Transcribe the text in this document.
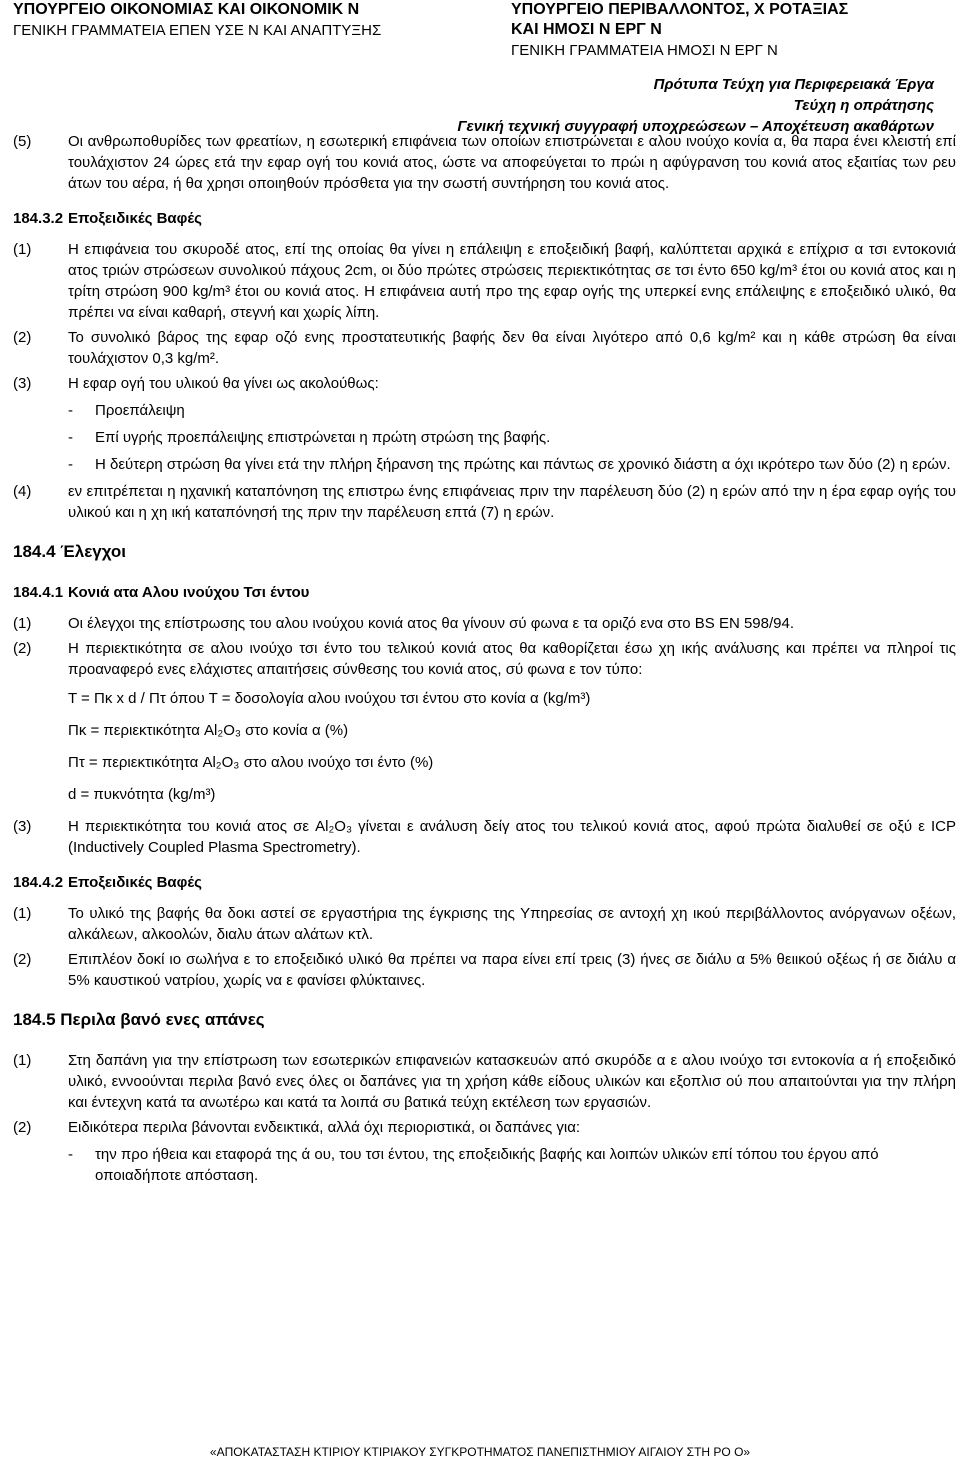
ΥΠΟΥΡΓΕΙΟ ΟΙΚΟΝΟΜΙΑΣ ΚΑΙ ΟΙΚΟΝΟΜΙΚ Ν
ΓΕΝΙΚΗ ΓΡΑΜΜΑΤΕΙΑ ΕΠΕΝ ΥΣΕ Ν ΚΑΙ ΑΝΑΠΤΥΞΗΣ
ΥΠΟΥΡΓΕΙΟ ΠΕΡΙΒΑΛΛΟΝΤΟΣ, Χ ΡΟΤΑΞΙΑΣ
ΚΑΙ ΗΜΟΣΙ Ν ΕΡΓ Ν
ΓΕΝΙΚΗ ΓΡΑΜΜΑΤΕΙΑ ΗΜΟΣΙ Ν ΕΡΓ Ν
Πρότυπα Τεύχη για Περιφερειακά Έργα
Τεύχη η οπράτησης
Γενική τεχνική συγγραφή υποχρεώσεων – Αποχέτευση ακαθάρτων
(5)	Οι ανθρωποθυρίδες των φρεατίων, η εσωτερική επιφάνεια των οποίων επιστρώνεται ε αλου ινούχο κονία α, θα παρα ένει κλειστή επί τουλάχιστον 24 ώρες ετά την εφαρ ογή του κονιά ατος, ώστε να αποφεύγεται το πρώι η αφύγρανση του κονιά ατος εξαιτίας των ρευ άτων του αέρα, ή θα χρησι οποιηθούν πρόσθετα για την σωστή συντήρηση του κονιά ατος.
184.3.2 Εποξειδικές Βαφές
(1)	Η επιφάνεια του σκυροδέ ατος, επί της οποίας θα γίνει η επάλειψη ε εποξειδική βαφή, καλύπτεται αρχικά ε επίχρισ α τσι εντοκονιά ατος τριών στρώσεων συνολικού πάχους 2cm, οι δύο πρώτες στρώσεις περιεκτικότητας σε τσι έντο 650 kg/m³ έτοι ου κονιά ατος και η τρίτη στρώση 900 kg/m³ έτοι ου κονιά ατος. Η επιφάνεια αυτή προ της εφαρ ογής της υπερκεί ενης επάλειψης ε εποξειδικό υλικό, θα πρέπει να είναι καθαρή, στεγνή και χωρίς λίπη.
(2)	Το συνολικό βάρος της εφαρ οζό ενης προστατευτικής βαφής δεν θα είναι λιγότερο από 0,6 kg/m² και η κάθε στρώση θα είναι τουλάχιστον 0,3 kg/m².
(3)	Η εφαρ ογή του υλικού θα γίνει ως ακολούθως:
-	Προεπάλειψη
-	Επί υγρής προεπάλειψης επιστρώνεται η πρώτη στρώση της βαφής.
-	Η δεύτερη στρώση θα γίνει ετά την πλήρη ξήρανση της πρώτης και πάντως σε χρονικό διάστη α όχι ικρότερο των δύο (2) η ερών.
(4)	εν επιτρέπεται η ηχανική καταπόνηση της επιστρω ένης επιφάνειας πριν την παρέλευση δύο (2) η ερών από την η έρα εφαρ ογής του υλικού και η χη ική καταπόνησή της πριν την παρέλευση επτά (7) η ερών.
184.4 Έλεγχοι
184.4.1 Κονιά ατα Αλου ινούχου Τσι έντου
(1)	Οι έλεγχοι της επίστρωσης του αλου ινούχου κονιά ατος θα γίνουν σύ φωνα ε τα οριζό ενα στο BS EN 598/94.
(2)	Η περιεκτικότητα σε αλου ινούχο τσι έντο του τελικού κονιά ατος θα καθορίζεται έσω χη ικής ανάλυσης και πρέπει να πληροί τις προαναφερό ενες ελάχιστες απαιτήσεις σύνθεσης του κονιά ατος, σύ φωνα ε τον τύπο:
Τ = Πκ x d / Πτ όπου Τ = δοσολογία αλου ινούχου τσι έντου στο κονία α (kg/m³)
Πκ = περιεκτικότητα Al₂O₃ στο κονία α (%)
Πτ = περιεκτικότητα Al₂O₃ στο αλου ινούχο τσι έντο (%)
d = πυκνότητα (kg/m³)
(3)	Η περιεκτικότητα του κονιά ατος σε Al₂O₃ γίνεται ε ανάλυση δείγ ατος του τελικού κονιά ατος, αφού πρώτα διαλυθεί σε οξύ ε ICP (Inductively Coupled Plasma Spectrometry).
184.4.2 Εποξειδικές Βαφές
(1)	Το υλικό της βαφής θα δοκι αστεί σε εργαστήρια της έγκρισης της Υπηρεσίας σε αντοχή χη ικού περιβάλλοντος ανόργανων οξέων, αλκάλεων, αλκοολών, διαλυ άτων αλάτων κτλ.
(2)	Επιπλέον δοκί ιο σωλήνα ε το εποξειδικό υλικό θα πρέπει να παρα είνει επί τρεις (3) ήνες σε διάλυ α 5% θειικού οξέως ή σε διάλυ α 5% καυστικού νατρίου, χωρίς να ε φανίσει φλύκταινες.
184.5 Περιλα βανό ενες απάνες
(1)	Στη δαπάνη για την επίστρωση των εσωτερικών επιφανειών κατασκευών από σκυρόδε α ε αλου ινούχο τσι εντοκονία α ή εποξειδικό υλικό, εννοούνται περιλα βανό ενες όλες οι δαπάνες για τη χρήση κάθε είδους υλικών και εξοπλισ ού που απαιτούνται για την πλήρη και έντεχνη κατά τα ανωτέρω και κατά τα λοιπά συ βατικά τεύχη εκτέλεση των εργασιών.
(2)	Ειδικότερα περιλα βάνονται ενδεικτικά, αλλά όχι περιοριστικά, οι δαπάνες για:
-	την προ ήθεια και εταφορά της ά ου, του τσι έντου, της εποξειδικής βαφής και λοιπών υλικών επί τόπου του έργου από οποιαδήποτε απόσταση.
«ΑΠΟΚΑΤΑΣΤΑΣΗ ΚΤΙΡΙΟΥ ΚΤΙΡΙΑΚΟΥ ΣΥΓΚΡΟΤΗΜΑΤΟΣ ΠΑΝΕΠΙΣΤΗΜΙΟΥ ΑΙΓΑΙΟΥ ΣΤΗ ΡΟ Ο»
